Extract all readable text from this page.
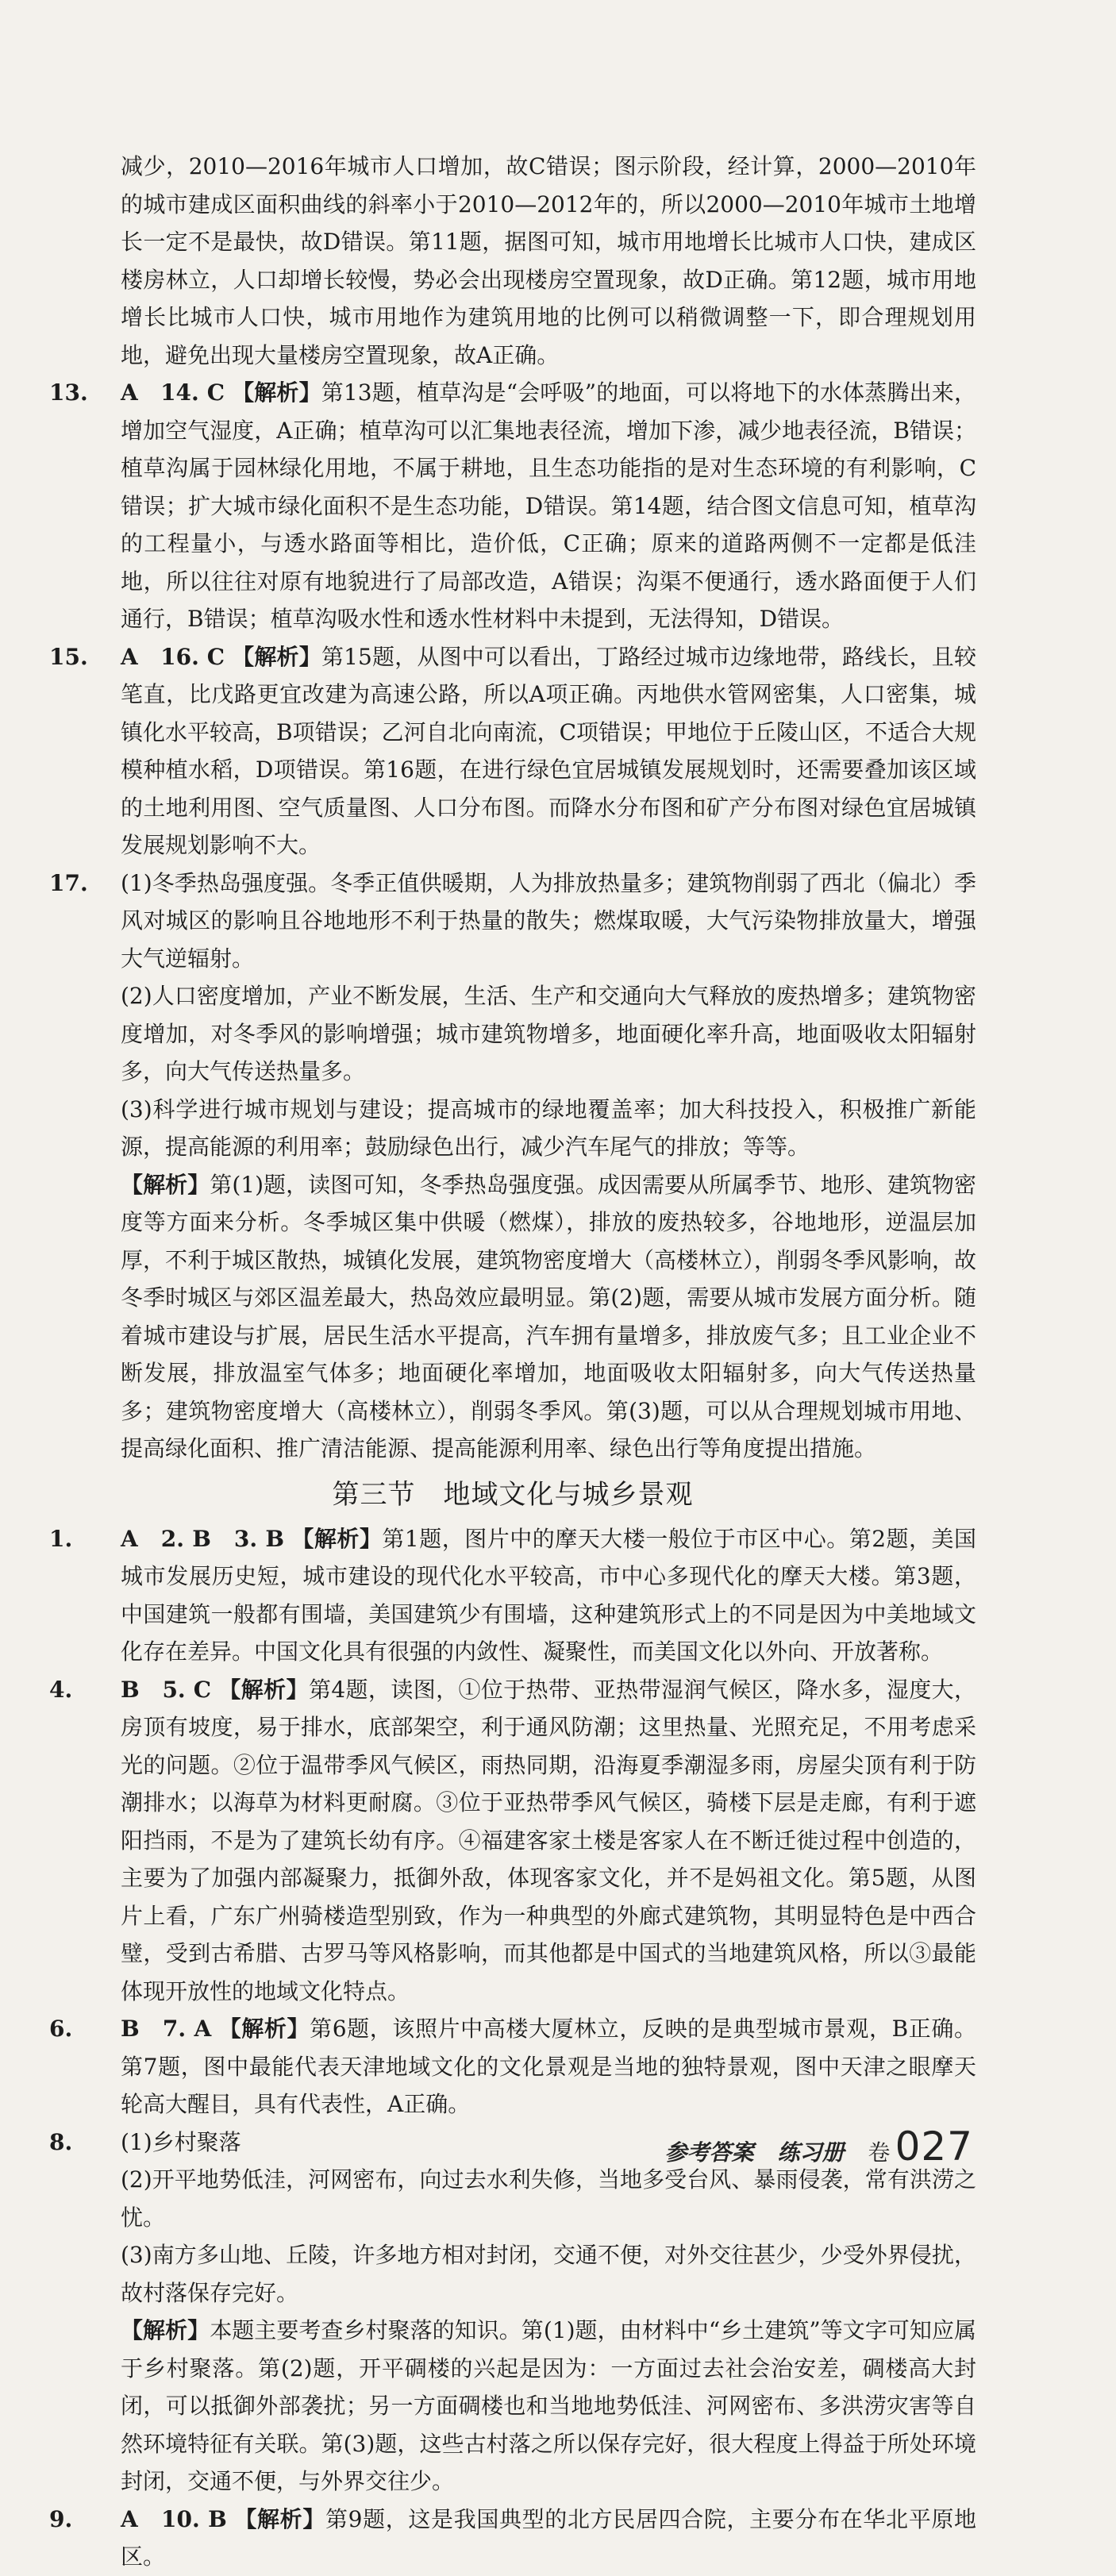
减少，2010—2016年城市人口增加，故C错误；图示阶段，经计算，2000—2010年的城市建成区面积曲线的斜率小于2010—2012年的，所以2000—2010年城市土地增长一定不是最快，故D错误。第11题，据图可知，城市用地增长比城市人口快，建成区楼房林立，人口却增长较慢，势必会出现楼房空置现象，故D正确。第12题，城市用地增长比城市人口快，城市用地作为建筑用地的比例可以稍微调整一下，即合理规划用地，避免出现大量楼房空置现象，故A正确。

13.	A　14. C 【解析】第13题，植草沟是“会呼吸”的地面，可以将地下的水体蒸腾出来，增加空气湿度，A正确；植草沟可以汇集地表径流，增加下渗，减少地表径流，B错误；植草沟属于园林绿化用地，不属于耕地，且生态功能指的是对生态环境的有利影响，C错误；扩大城市绿化面积不是生态功能，D错误。第14题，结合图文信息可知，植草沟的工程量小，与透水路面等相比，造价低，C正确；原来的道路两侧不一定都是低洼地，所以往往对原有地貌进行了局部改造，A错误；沟渠不便通行，透水路面便于人们通行，B错误；植草沟吸水性和透水性材料中未提到，无法得知，D错误。
15.	A　16. C 【解析】第15题，从图中可以看出，丁路经过城市边缘地带，路线长，且较笔直，比戊路更宜改建为高速公路，所以A项正确。丙地供水管网密集，人口密集，城镇化水平较高，B项错误；乙河自北向南流，C项错误；甲地位于丘陵山区，不适合大规模种植水稻，D项错误。第16题，在进行绿色宜居城镇发展规划时，还需要叠加该区域的土地利用图、空气质量图、人口分布图。而降水分布图和矿产分布图对绿色宜居城镇发展规划影响不大。
17.	(1)冬季热岛强度强。冬季正值供暖期，人为排放热量多；建筑物削弱了西北（偏北）季风对城区的影响且谷地地形不利于热量的散失；燃煤取暖，大气污染物排放量大，增强大气逆辐射。
(2)人口密度增加，产业不断发展，生活、生产和交通向大气释放的废热增多；建筑物密度增加，对冬季风的影响增强；城市建筑物增多，地面硬化率升高，地面吸收太阳辐射多，向大气传送热量多。
(3)科学进行城市规划与建设；提高城市的绿地覆盖率；加大科技投入，积极推广新能源，提高能源的利用率；鼓励绿色出行，减少汽车尾气的排放；等等。
【解析】第(1)题，读图可知，冬季热岛强度强。成因需要从所属季节、地形、建筑物密度等方面来分析。冬季城区集中供暖（燃煤），排放的废热较多，谷地地形，逆温层加厚，不利于城区散热，城镇化发展，建筑物密度增大（高楼林立），削弱冬季风影响，故冬季时城区与郊区温差最大，热岛效应最明显。第(2)题，需要从城市发展方面分析。随着城市建设与扩展，居民生活水平提高，汽车拥有量增多，排放废气多；且工业企业不断发展，排放温室气体多；地面硬化率增加，地面吸收太阳辐射多，向大气传送热量多；建筑物密度增大（高楼林立），削弱冬季风。第(3)题，可以从合理规划城市用地、提高绿化面积、推广清洁能源、提高能源利用率、绿色出行等角度提出措施。
第三节　地域文化与城乡景观
1.	A　2. B　3. B 【解析】第1题，图片中的摩天大楼一般位于市区中心。第2题，美国城市发展历史短，城市建设的现代化水平较高，市中心多现代化的摩天大楼。第3题，中国建筑一般都有围墙，美国建筑少有围墙，这种建筑形式上的不同是因为中美地域文化存在差异。中国文化具有很强的内敛性、凝聚性，而美国文化以外向、开放著称。
4.	B　5. C 【解析】第4题，读图，①位于热带、亚热带湿润气候区，降水多，湿度大，房顶有坡度，易于排水，底部架空，利于通风防潮；这里热量、光照充足，不用考虑采光的问题。②位于温带季风气候区，雨热同期，沿海夏季潮湿多雨，房屋尖顶有利于防潮排水；以海草为材料更耐腐。③位于亚热带季风气候区，骑楼下层是走廊，有利于遮阳挡雨，不是为了建筑长幼有序。④福建客家土楼是客家人在不断迁徙过程中创造的，主要为了加强内部凝聚力，抵御外敌，体现客家文化，并不是妈祖文化。第5题，从图片上看，广东广州骑楼造型别致，作为一种典型的外廊式建筑物，其明显特色是中西合璧，受到古希腊、古罗马等风格影响，而其他都是中国式的当地建筑风格，所以③最能体现开放性的地域文化特点。
6.	B　7. A 【解析】第6题，该照片中高楼大厦林立，反映的是典型城市景观，B正确。第7题，图中最能代表天津地域文化的文化景观是当地的独特景观，图中天津之眼摩天轮高大醒目，具有代表性，A正确。
8.	(1)乡村聚落
(2)开平地势低洼，河网密布，向过去水利失修，当地多受台风、暴雨侵袭，常有洪涝之忧。
(3)南方多山地、丘陵，许多地方相对封闭，交通不便，对外交往甚少，少受外界侵扰，故村落保存完好。
【解析】本题主要考查乡村聚落的知识。第(1)题，由材料中“乡土建筑”等文字可知应属于乡村聚落。第(2)题，开平碉楼的兴起是因为：一方面过去社会治安差，碉楼高大封闭，可以抵御外部袭扰；另一方面碉楼也和当地地势低洼、河网密布、多洪涝灾害等自然环境特征有关联。第(3)题，这些古村落之所以保存完好，很大程度上得益于所处环境封闭，交通不便，与外界交往少。
9.	A　10. B 【解析】第9题，这是我国典型的北方民居四合院，主要分布在华北平原地区。
参考答案 练习册 卷 027
